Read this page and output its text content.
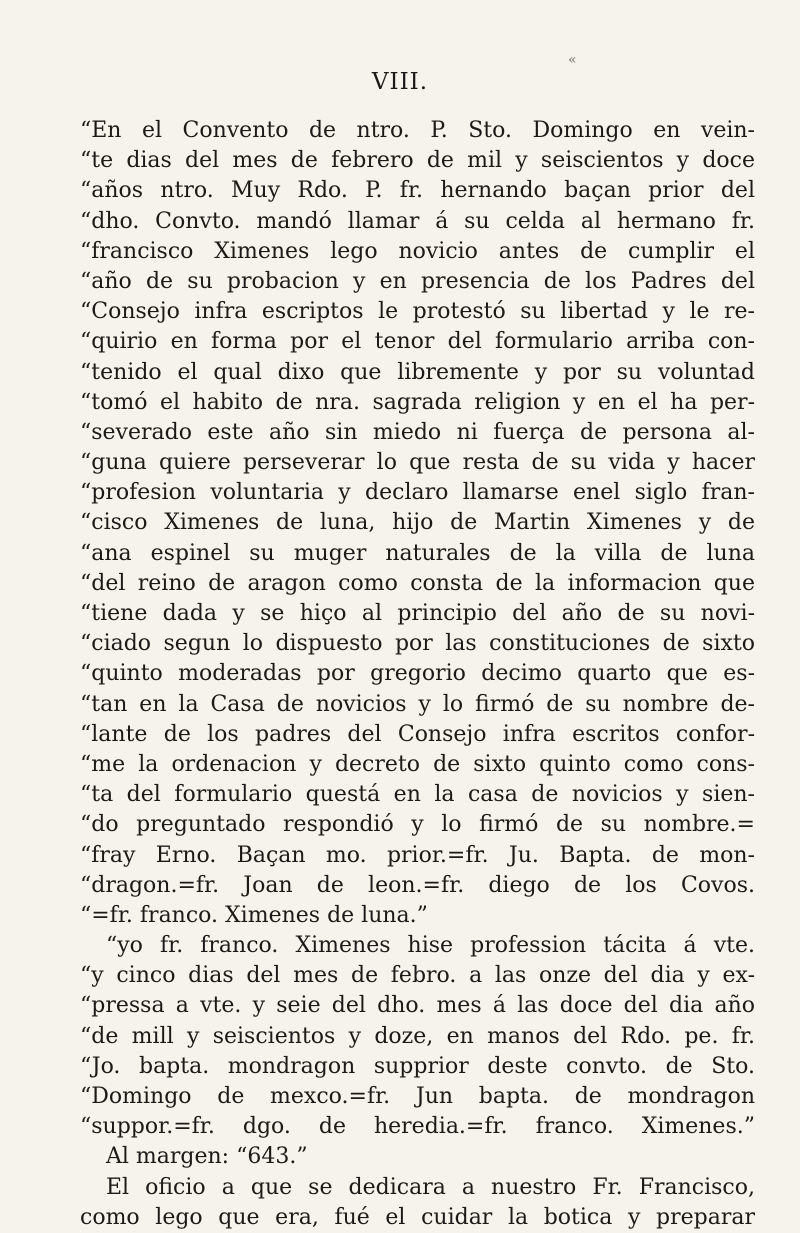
«
VIII.
“En el Convento de ntro. P. Sto. Domingo en vein-
“te dias del mes de febrero de mil y seiscientos y doce
“años ntro. Muy Rdo. P. fr. hernando baçan prior del
“dho. Convto. mandó llamar á su celda al hermano fr.
“francisco Ximenes lego novicio antes de cumplir el
“año de su probacion y en presencia de los Padres del
“Consejo infra escriptos le protestó su libertad y le re-
“quirio en forma por el tenor del formulario arriba con-
“tenido el qual dixo que libremente y por su voluntad
“tomó el habito de nra. sagrada religion y en el ha per-
“severado este año sin miedo ni fuerça de persona al-
“guna quiere perseverar lo que resta de su vida y hacer
“profesion voluntaria y declaro llamarse enel siglo fran-
“cisco Ximenes de luna, hijo de Martin Ximenes y de
“ana espinel su muger naturales de la villa de luna
“del reino de aragon como consta de la informacion que
“tiene dada y se hiço al principio del año de su novi-
“ciado segun lo dispuesto por las constituciones de sixto
“quinto moderadas por gregorio decimo quarto que es-
“tan en la Casa de novicios y lo firmó de su nombre de-
“lante de los padres del Consejo infra escritos confor-
“me la ordenacion y decreto de sixto quinto como cons-
“ta del formulario questá en la casa de novicios y sien-
“do preguntado respondió y lo firmó de su nombre.=
“fray Erno. Baçan mo. prior.=fr. Ju. Bapta. de mon-
“dragon.=fr. Joan de leon.=fr. diego de los Covos.
“=fr. franco. Ximenes de luna.”
“yo fr. franco. Ximenes hise profession tácita á vte.
“y cinco dias del mes de febro. a las onze del dia y ex-
“pressa a vte. y seie del dho. mes á las doce del dia año
“de mill y seiscientos y doze, en manos del Rdo. pe. fr.
“Jo. bapta. mondragon supprior deste convto. de Sto.
“Domingo de mexco.=fr. Jun bapta. de mondragon
“suppor.=fr. dgo. de heredia.=fr. franco. Ximenes.”
Al margen: “643.”
El oficio a que se dedicara a nuestro Fr. Francisco,
como lego que era, fué el cuidar la botica y preparar
